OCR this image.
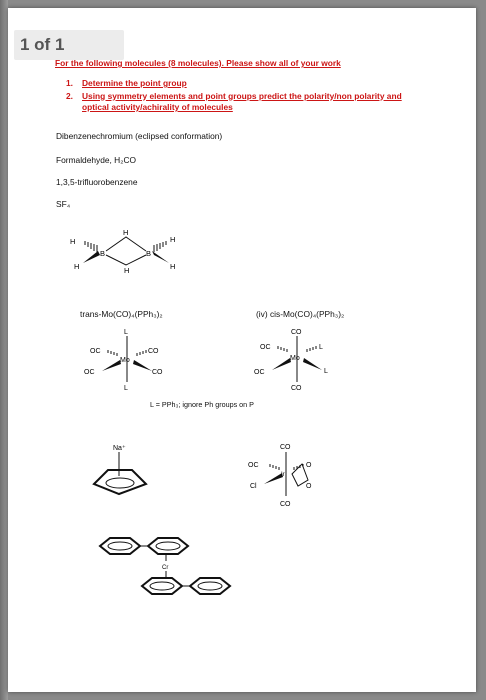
1 of 1
For the following molecules (8 molecules). Please show all of your work
1. Determine the point group
2. Using symmetry elements and point groups predict the polarity/non polarity and optical activity/achirality of molecules
Dibenzenechromium (eclipsed conformation)
Formaldehyde, H₂CO
1,3,5-trifluorobenzene
SF₄
H
H
B
H
H
B
H
H
trans-Mo(CO)₄(PPh₃)₂	(iv) cis-Mo(CO)₄(PPh₃)₂
L
OC	CO
Mo
OC	CO
L
CO
OC	L
Mo
OC	L
CO
L = PPh₃; ignore Ph groups on P
Na⁺	CO
OC	O
Ir
Cl	O
CO
Cr
